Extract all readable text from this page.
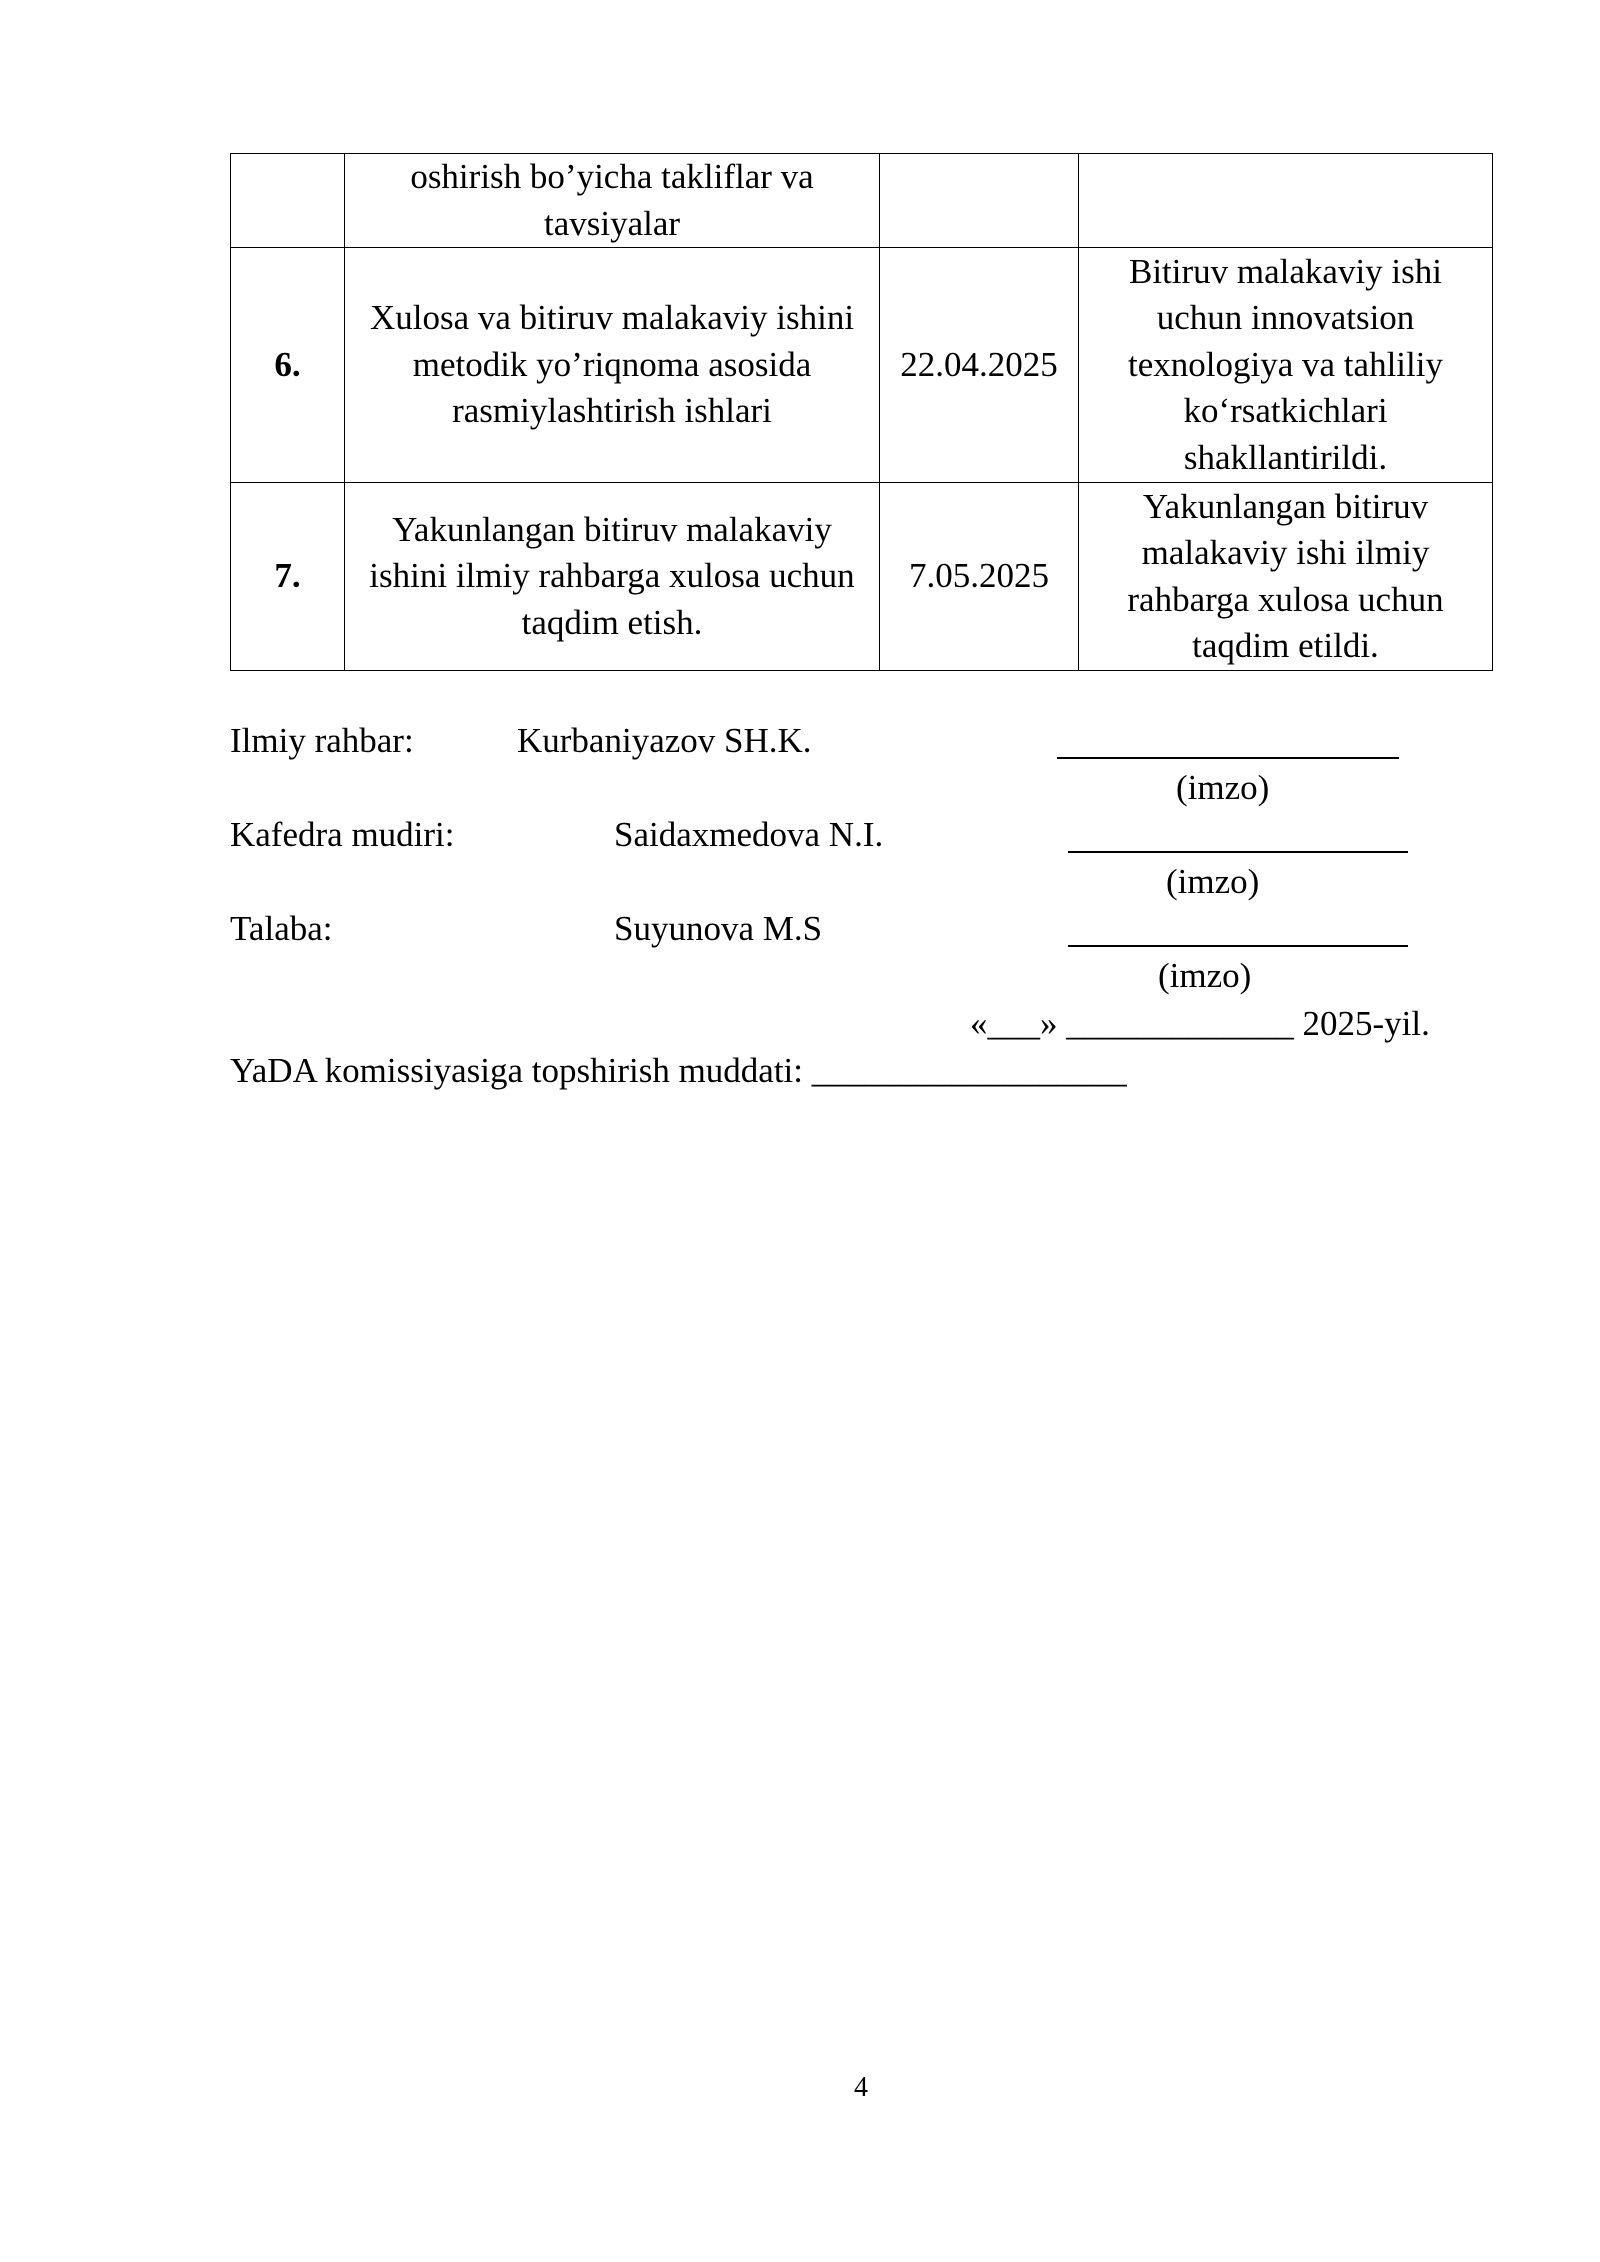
	oshirish bo’yicha takliflar va tavsiyalar		
6.	Xulosa va bitiruv malakaviy ishini metodik yo’riqnoma asosida rasmiylashtirish ishlari	22.04.2025	Bitiruv malakaviy ishi uchun innovatsion texnologiya va tahliliy ko‘rsatkichlari shakllantirildi.
7.	Yakunlangan bitiruv malakaviy ishini ilmiy rahbarga xulosa uchun taqdim etish.	7.05.2025	Yakunlangan bitiruv malakaviy ishi ilmiy rahbarga xulosa uchun taqdim etildi.
Ilmiy rahbar:	Kurbaniyazov SH.K.
(imzo)
Kafedra mudiri:	Saidaxmedova N.I.
(imzo)
Talaba:	Suyunova M.S
(imzo)
«___» _____________ 2025-yil.
YaDA komissiyasiga topshirish muddati: __________________
4
